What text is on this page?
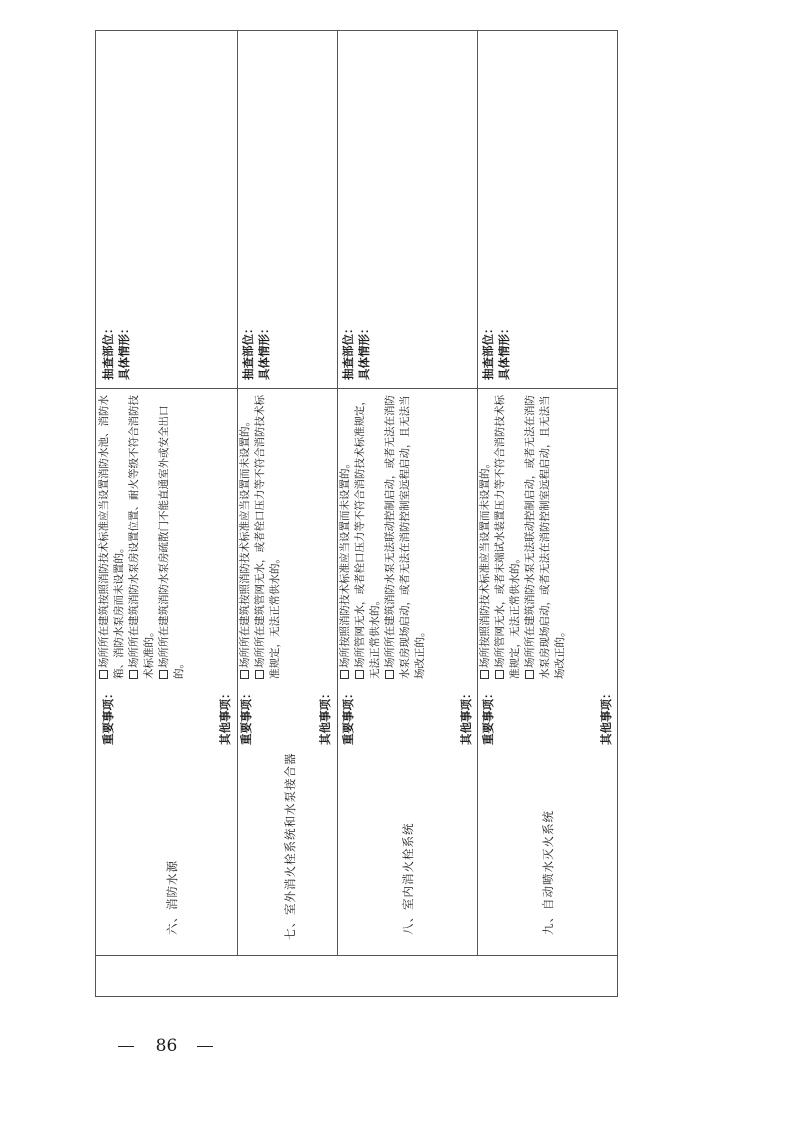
六、消防水源
重要事项：
场所所在建筑按照消防技术标准应当设置消防水池、消防水箱、消防水泵房而未设置的。 场所所在建筑消防水泵房设置位置、耐火等级不符合消防技术标准的。 场所所在建筑消防水泵房疏散门不能直通室外或安全出口的。
其他事项：
抽查部位： 具体情形：
七、室外消火栓系统和水泵接合器
重要事项：
场所所在建筑按照消防技术标准应当设置而未设置的。 场所所在建筑管网无水，或者栓口压力等不符合消防技术标准规定，无法正常供水的。
其他事项：
抽查部位： 具体情形：
八、室内消火栓系统
重要事项：
场所按照消防技术标准应当设置而未设置的。 场所管网无水，或者栓口压力等不符合消防技术标准规定，无法正常供水的。 场所所在建筑消防水泵无法联动控制启动，或者无法在消防水泵房现场启动，或者无法在消防控制室远程启动，且无法当场改正的。
其他事项：
抽查部位： 具体情形：
九、自动喷水灭火系统
重要事项：
场所按照消防技术标准应当设置而未设置的。 场所管网无水，或者末端试水装置压力等不符合消防技术标准规定，无法正常供水的。 场所所在建筑消防水泵无法联动控制启动，或者无法在消防水泵房现场启动，或者无法在消防控制室远程启动，且无法当场改正的。
其他事项：
抽查部位： 具体情形：
86
